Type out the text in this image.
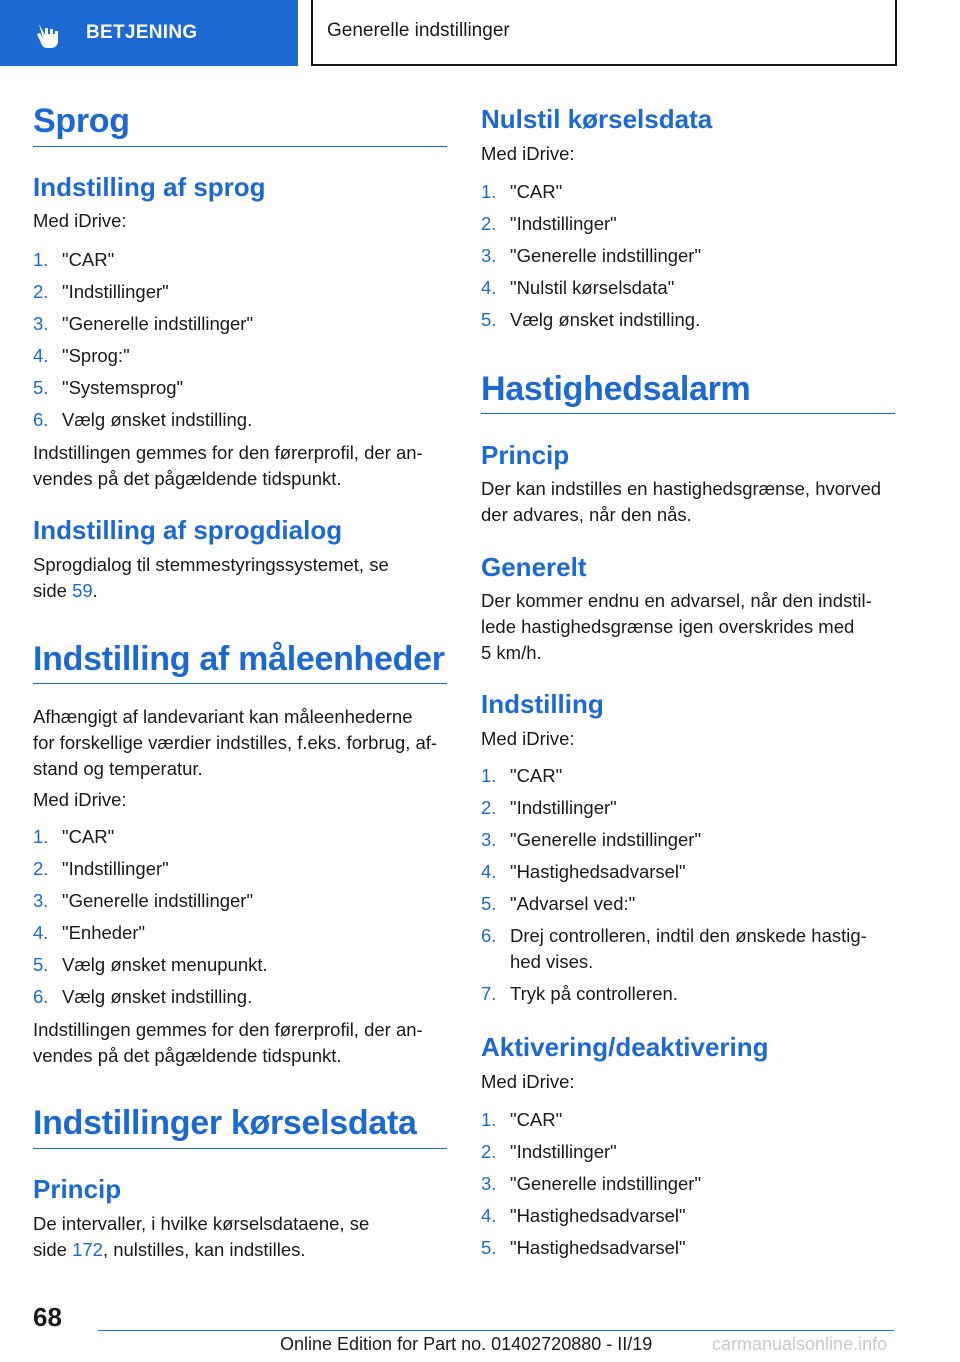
BETJENING	Generelle indstillinger
Sprog
Indstilling af sprog
Med iDrive:
1. "CAR"
2. "Indstillinger"
3. "Generelle indstillinger"
4. "Sprog:"
5. "Systemsprog"
6. Vælg ønsket indstilling.
Indstillingen gemmes for den førerprofil, der an-
vendes på det pågældende tidspunkt.
Indstilling af sprogdialog
Sprogdialog til stemmestyringssystemet, se
side 59.
Indstilling af måleenheder
Afhængigt af landevariant kan måleenhederne
for forskellige værdier indstilles, f.eks. forbrug, af-
stand og temperatur.
Med iDrive:
1. "CAR"
2. "Indstillinger"
3. "Generelle indstillinger"
4. "Enheder"
5. Vælg ønsket menupunkt.
6. Vælg ønsket indstilling.
Indstillingen gemmes for den førerprofil, der an-
vendes på det pågældende tidspunkt.
Indstillinger kørselsdata
Princip
De intervaller, i hvilke kørselsdataene, se
side 172, nulstilles, kan indstilles.
Nulstil kørselsdata
Med iDrive:
1. "CAR"
2. "Indstillinger"
3. "Generelle indstillinger"
4. "Nulstil kørselsdata"
5. Vælg ønsket indstilling.
Hastighedsalarm
Princip
Der kan indstilles en hastighedsgrænse, hvorved
der advares, når den nås.
Generelt
Der kommer endnu en advarsel, når den indstil-
lede hastighedsgrænse igen overskrides med
5 km/h.
Indstilling
Med iDrive:
1. "CAR"
2. "Indstillinger"
3. "Generelle indstillinger"
4. "Hastighedsadvarsel"
5. "Advarsel ved:"
6. Drej controlleren, indtil den ønskede hastig-
hed vises.
7. Tryk på controlleren.
Aktivering/deaktivering
Med iDrive:
1. "CAR"
2. "Indstillinger"
3. "Generelle indstillinger"
4. "Hastighedsadvarsel"
5. "Hastighedsadvarsel"
68
Online Edition for Part no. 01402720880 - II/19	carmanualsonline.info
